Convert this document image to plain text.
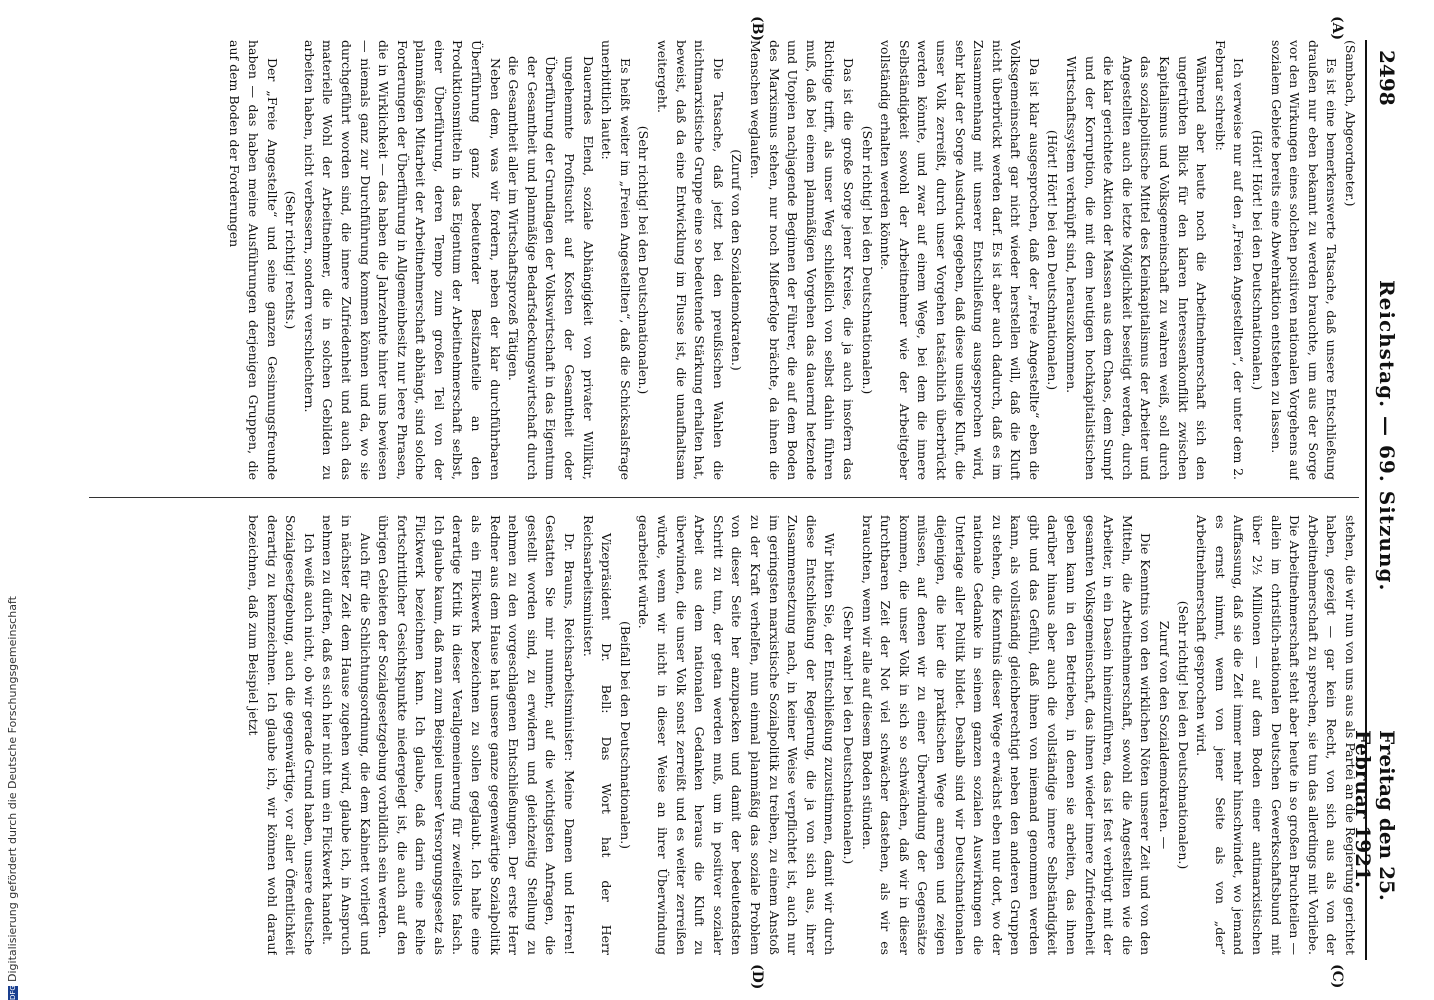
2498
Reichstag. — 69. Sitzung.
Freitag den 25. Februar 1921.
(A)
(B)
(C)
(D)

(Sambach, Abgeordneter.)

Es ist eine bemerkenswerte Tatsache, daß unsere Entschließung draußen nur eben bekannt zu werden brauchte, um aus der Sorge vor den Wirkungen eines solchen positiven nationalen Vorgehens auf sozialem Gebiete bereits eine Abwehraktion entstehen zu lassen.

(Hört! Hört! bei den Deutschnationalen.)

Ich verweise nur auf den „Freien Angestellten“, der unter dem 2. Februar schreibt:

Während aber heute noch die Arbeitnehmerschaft sich den ungetrübten Blick für den klaren Interessenkonflikt zwischen Kapitalismus und Volksgemeinschaft zu wahren weiß, soll durch das sozialpolitische Mittel des Kleinkapitalismus der Arbeiter und Angestellten auch die letzte Möglichkeit beseitigt werden, durch die klar gerichtete Aktion der Massen aus dem Chaos, dem Sumpf und der Korruption, die mit dem heutigen hochkapitalistischen Wirtschaftssystem verknüpft sind, herauszukommen.

(Hört! Hört! bei den Deutschnationalen.)

Da ist klar ausgesprochen, daß der „Freie Angestellte“ eben die Volksgemeinschaft gar nicht wieder herstellen will, daß die Kluft nicht überbrückt werden darf. Es ist aber auch dadurch, daß es im Zusammenhang mit unserer Entschließung ausgesprochen wird, sehr klar der Sorge Ausdruck gegeben, daß diese unselige Kluft, die unser Volk zerreißt, durch unser Vorgehen tatsächlich überbrückt werden könnte, und zwar auf einem Wege, bei dem die innere Selbständigkeit sowohl der Arbeitnehmer wie der Arbeitgeber vollständig erhalten werden könnte.

(Sehr richtig! bei den Deutschnationalen.)

Das ist die große Sorge jener Kreise, die ja auch insofern das Richtige trifft, als unser Weg schließlich von selbst dahin führen muß, daß bei einem planmäßigen Vorgehen das dauernd hetzende und Utopien nachjagende Beginnen der Führer, die auf dem Boden des Marxismus stehen, nur noch Mißerfolge brächte, da ihnen die Menschen weglaufen.

(Zuruf von den Sozialdemokraten.)

Die Tatsache, daß jetzt bei den preußischen Wahlen die nichtmarxistische Gruppe eine so bedeutende Stärkung erhalten hat, beweist, daß da eine Entwicklung im Flusse ist, die unaufhaltsam weitergeht.

(Sehr richtig! bei den Deutschnationalen.)

Es heißt weiter im „Freien Angestellten“, daß die Schicksalsfrage unerbittlich lautet:

Dauerndes Elend, soziale Abhängigkeit von privater Willkür, ungehemmte Profitsucht auf Kosten der Gesamtheit oder Überführung der Grundlagen der Volkswirtschaft in das Eigentum der Gesamtheit und planmäßige Bedarfsdeckungswirtschaft durch die Gesamtheit aller im Wirtschaftsprozeß Tätigen.

Neben dem, was wir fordern, neben der klar durchführbaren Überführung ganz bedeutender Besitzanteile an den Produktionsmitteln in das Eigentum der Arbeitnehmerschaft selbst, einer Überführung, deren Tempo zum großen Teil von der planmäßigen Mitarbeit der Arbeitnehmerschaft abhängt, sind solche Forderungen der Überführung in Allgemeinbesitz nur leere Phrasen, die in Wirklichkeit — das haben die Jahrzehnte hinter uns bewiesen — niemals ganz zur Durchführung kommen können und da, wo sie durchgeführt worden sind, die innere Zufriedenheit und auch das materielle Wohl der Arbeitnehmer, die in solchen Gebilden zu arbeiten haben, nicht verbessern, sondern verschlechtern.

(Sehr richtig! rechts.)

Der „Freie Angestellte“ und seine ganzen Gesinnungsfreunde haben — das haben meine Ausführungen derjenigen Gruppen, die auf dem Boden der Forderungen

stehen, die wir nun von uns aus als Partei an die Regierung gerichtet haben, gezeigt — gar kein Recht, von sich aus als von der Arbeitnehmerschaft zu sprechen, sie tun das allerdings mit Vorliebe. Die Arbeitnehmerschaft steht aber heute in so großen Bruchteilen — allein im christlich-nationalen Deutschen Gewerkschaftsbund mit über 2½ Millionen — auf dem Boden einer antimarxistischen Auffassung, daß sie die Zeit immer mehr hinschwindet, wo jemand es ernst nimmt, wenn von jener Seite als von „der“ Arbeitnehmerschaft gesprochen wird.

(Sehr richtig! bei den Deutschnationalen.)

Zuruf von den Sozialdemokraten. —

Die Kenntnis von den wirklichen Nöten unserer Zeit und von den Mitteln, die Arbeitnehmerschaft, sowohl die Angestellten wie die Arbeiter, in ein Dasein hineinzuführen, das ist fest verbürgt mit der gesamten Volksgemeinschaft, das ihnen wieder innere Zufriedenheit geben kann in den Betrieben, in denen sie arbeiten, das ihnen darüber hinaus aber auch die vollständige innere Selbständigkeit gibt und das Gefühl, daß ihnen von niemand genommen werden kann, als vollständig gleichberechtigt neben den anderen Gruppen zu stehen, die Kenntnis dieser Wege erwächst eben nur dort, wo der nationale Gedanke in seinem ganzen sozialen Auswirkungen die Unterlage aller Politik bildet. Deshalb sind wir Deutschnationalen diejenigen, die hier die praktischen Wege anregen und zeigen müssen, auf denen wir zu einer Überwindung der Gegensätze kommen, die unser Volk in sich so schwächen, daß wir in dieser furchtbaren Zeit der Not viel schwächer dastehen, als wir es brauchten, wenn wir alle auf diesem Boden stünden.

(Sehr wahr! bei den Deutschnationalen.)

Wir bitten Sie, der Entschließung zuzustimmen, damit wir durch diese Entschließung der Regierung, die ja von sich aus, ihrer Zusammensetzung nach, in keiner Weise verpflichtet ist, auch nur im geringsten marxistische Sozialpolitik zu treiben, zu einem Anstoß zu der Kraft verhelfen, nun einmal planmäßig das soziale Problem von dieser Seite her anzupacken und damit der bedeutendsten Schritt zu tun, der getan werden muß, um in positiver sozialer Arbeit aus dem nationalen Gedanken heraus die Kluft zu überwinden, die unser Volk sonst zerreißt und es weiter zerreißen würde, wenn wir nicht in dieser Weise an ihrer Überwindung gearbeitet würde.

(Beifall bei den Deutschnationalen.)

Vizepräsident Dr. Bell: Das Wort hat der Herr Reichsarbeitsminister.

Dr. Brauns, Reichsarbeitsminister: Meine Damen und Herren! Gestatten Sie mir nunmehr, auf die wichtigsten Anfragen, die gestellt worden sind, zu erwidern und gleichzeitig Stellung zu nehmen zu den vorgeschlagenen Entschließungen. Der erste Herr Redner aus dem Hause hat unsere ganze gegenwärtige Sozialpolitik als ein Flickwerk bezeichnen zu sollen geglaubt. Ich halte eine derartige Kritik in dieser Verallgemeinerung für zweifellos falsch. Ich glaube kaum, daß man zum Beispiel unser Versorgungsgesetz als Flickwerk bezeichnen kann. Ich glaube, daß darin eine Reihe fortschrittlicher Gesichtspunkte niedergelegt ist, die auch auf den übrigen Gebieten der Sozialgesetzgebung vorbildlich sein werden.

Auch für die Schlichtungsordnung, die dem Kabinett vorliegt und in nächster Zeit dem Hause zugehen wird, glaube ich, in Anspruch nehmen zu dürfen, daß es sich hier nicht um ein Flickwerk handelt.

Ich weiß auch nicht, ob wir gerade Grund haben, unsere deutsche Sozialgesetzgebung, auch die gegenwärtige, vor aller Öffentlichkeit derartig zu kennzeichnen. Ich glaube ich, wir können wohl darauf bezeichnen, daß zum Beispiel jetzt

DFGDigitalisierung gefördert durch die Deutsche Forschungsgemeinschaft
